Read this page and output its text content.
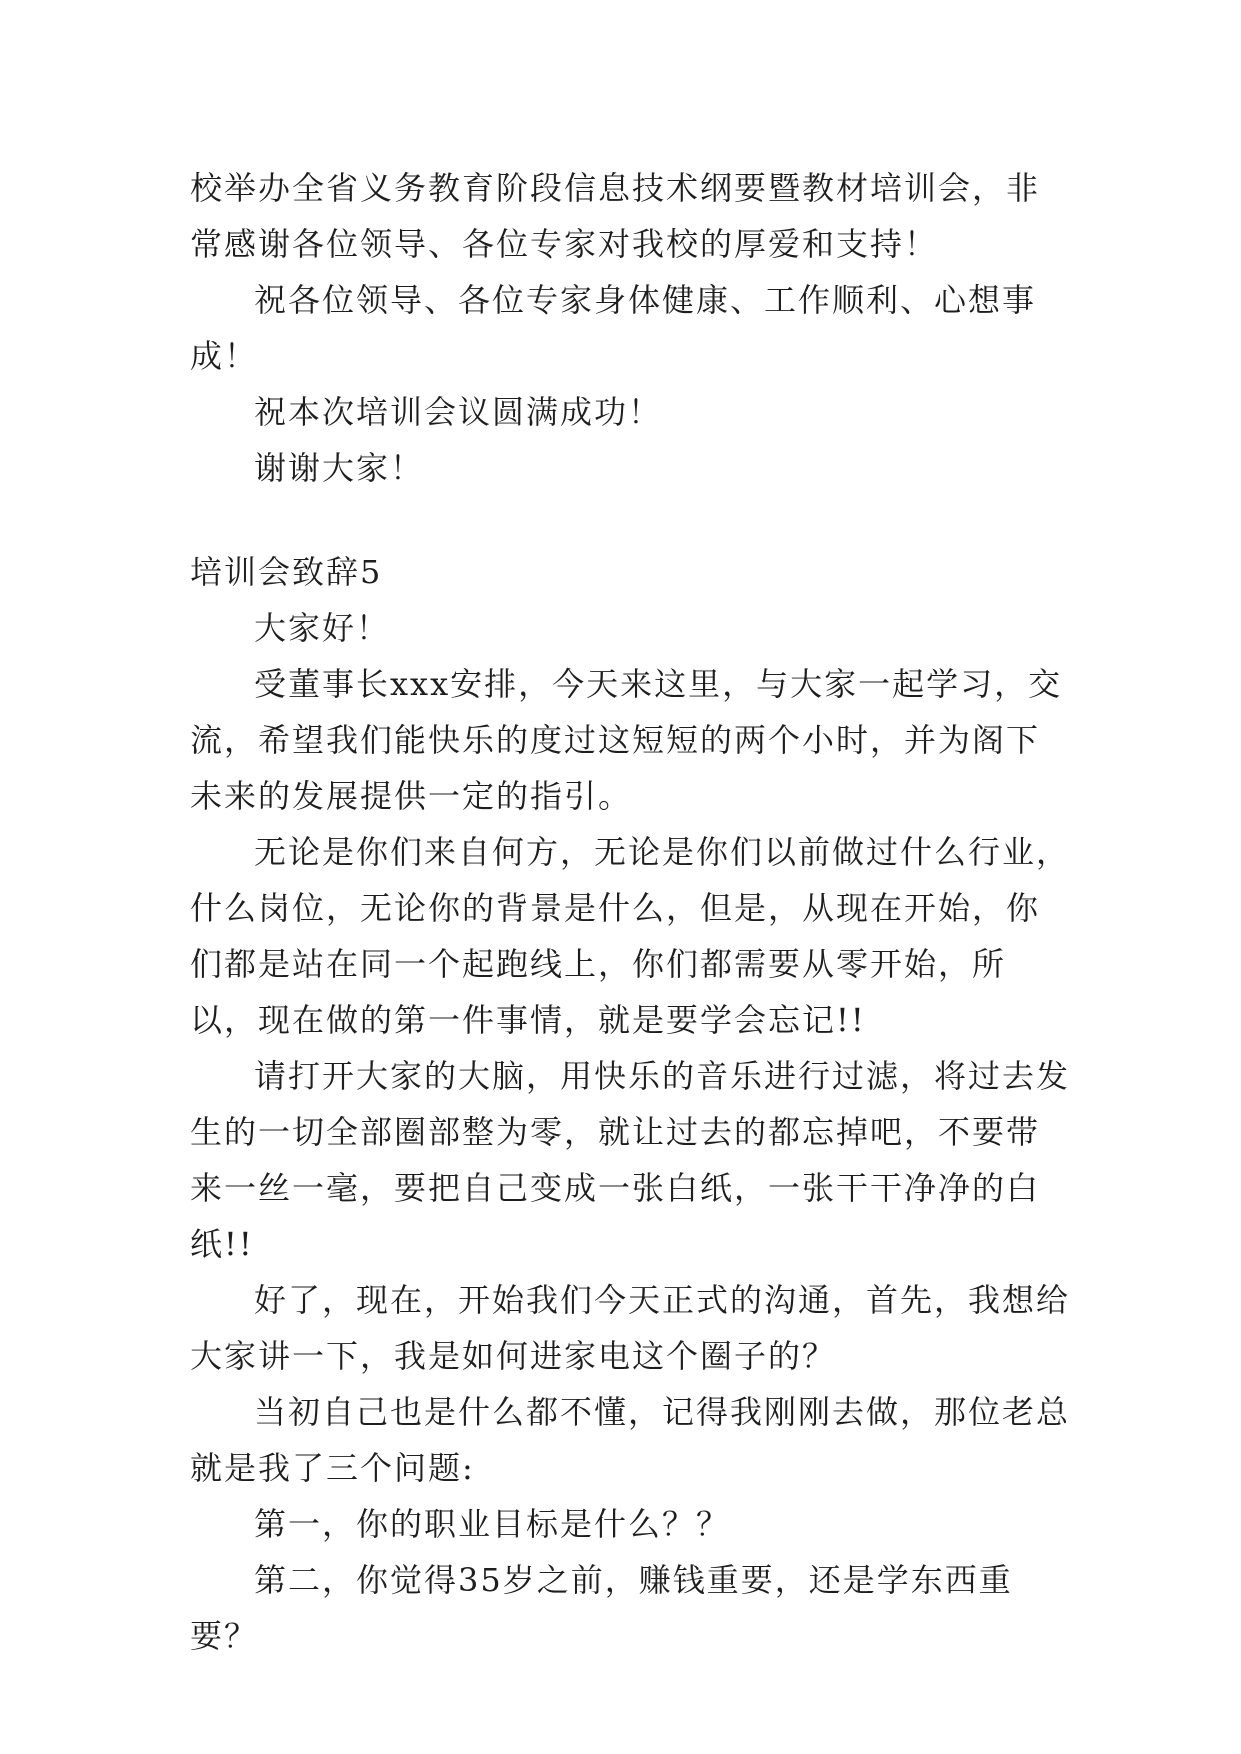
校举办全省义务教育阶段信息技术纲要暨教材培训会，非常感谢各位领导、各位专家对我校的厚爱和支持！

祝各位领导、各位专家身体健康、工作顺利、心想事成！

祝本次培训会议圆满成功！

谢谢大家！

培训会致辞5

大家好！

受董事长xxx安排，今天来这里，与大家一起学习，交流，希望我们能快乐的度过这短短的两个小时，并为阁下未来的发展提供一定的指引。

无论是你们来自何方，无论是你们以前做过什么行业，什么岗位，无论你的背景是什么，但是，从现在开始，你们都是站在同一个起跑线上，你们都需要从零开始，所以，现在做的第一件事情，就是要学会忘记!!

请打开大家的大脑，用快乐的音乐进行过滤，将过去发生的一切全部圈部整为零，就让过去的都忘掉吧，不要带来一丝一毫，要把自己变成一张白纸，一张干干净净的白纸!!

好了，现在，开始我们今天正式的沟通，首先，我想给大家讲一下，我是如何进家电这个圈子的？

当初自己也是什么都不懂，记得我刚刚去做，那位老总就是我了三个问题:

第一，你的职业目标是什么？？

第二，你觉得35岁之前，赚钱重要，还是学东西重要？
